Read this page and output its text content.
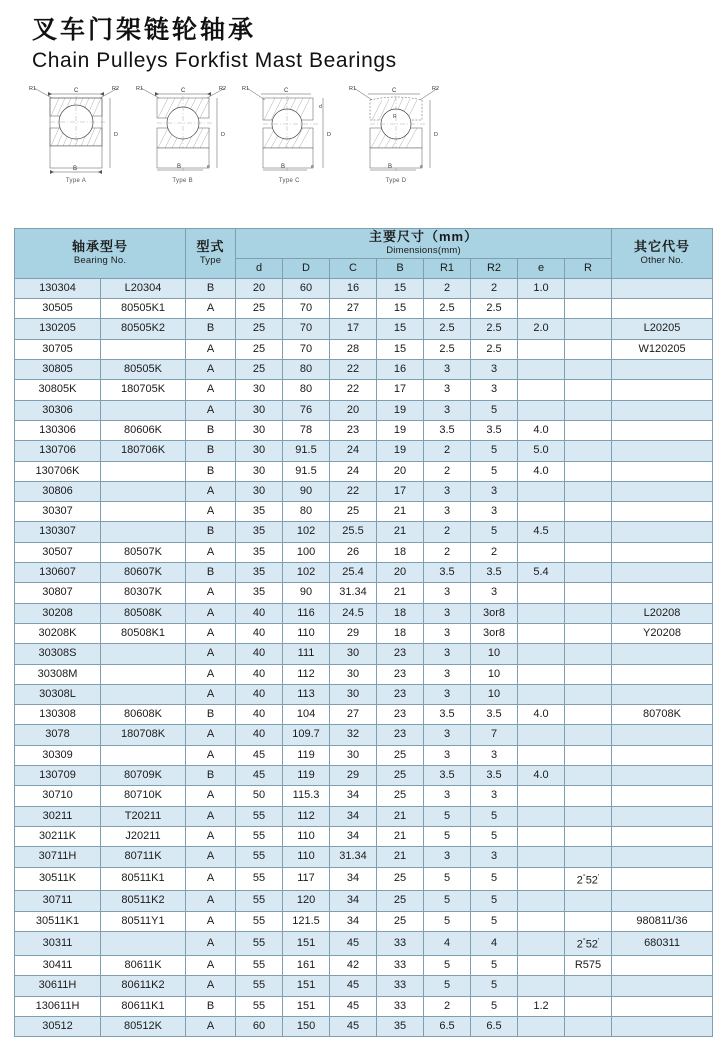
叉车门架链轮轴承
Chain Pulleys Forkfist Mast Bearings
C
B
R1	R2
D
Type A
C
B	e
R1	R2
D
Type B
C
B	e
R1
d
D
Type C
C
R
B	e
R1	R2
D
Type D
轴承型号
Bearing No.		型式
Type	主要尺寸（mm）
Dimensions(mm)								其它代号
Other No.

			d	D	C	B	R1	R2	e	R	
130304	L20304	B	20	60	16	15	2	2	1.0		
30505	80505K1	A	25	70	27	15	2.5	2.5			
130205	80505K2	B	25	70	17	15	2.5	2.5	2.0		L20205
30705		A	25	70	28	15	2.5	2.5			W120205
30805	80505K	A	25	80	22	16	3	3			
30805K	180705K	A	30	80	22	17	3	3			
30306		A	30	76	20	19	3	5			
130306	80606K	B	30	78	23	19	3.5	3.5	4.0		
130706	180706K	B	30	91.5	24	19	2	5	5.0		
130706K		B	30	91.5	24	20	2	5	4.0		
30806		A	30	90	22	17	3	3			
30307		A	35	80	25	21	3	3			
130307		B	35	102	25.5	21	2	5	4.5		
30507	80507K	A	35	100	26	18	2	2			
130607	80607K	B	35	102	25.4	20	3.5	3.5	5.4		
30807	80307K	A	35	90	31.34	21	3	3			
30208	80508K	A	40	116	24.5	18	3	3or8			L20208
30208K	80508K1	A	40	110	29	18	3	3or8			Y20208
30308S		A	40	111	30	23	3	10			
30308M		A	40	112	30	23	3	10			
30308L		A	40	113	30	23	3	10			
130308	80608K	B	40	104	27	23	3.5	3.5	4.0		80708K
3078	180708K	A	40	109.7	32	23	3	7			
30309		A	45	119	30	25	3	3			
130709	80709K	B	45	119	29	25	3.5	3.5	4.0		
30710	80710K	A	50	115.3	34	25	3	3			
30211	T20211	A	55	112	34	21	5	5			
30211K	J20211	A	55	110	34	21	5	5			
30711H	80711K	A	55	110	31.34	21	3	3			
30511K	80511K1	A	55	117	34	25	5	5		2°52'	
30711	80511K2	A	55	120	34	25	5	5			
30511K1	80511Y1	A	55	121.5	34	25	5	5			980811/36
30311		A	55	151	45	33	4	4		2°52'	680311
30411	80611K	A	55	161	42	33	5	5		R575	
30611H	80611K2	A	55	151	45	33	5	5			
130611H	80611K1	B	55	151	45	33	2	5	1.2		
30512	80512K	A	60	150	45	35	6.5	6.5			
